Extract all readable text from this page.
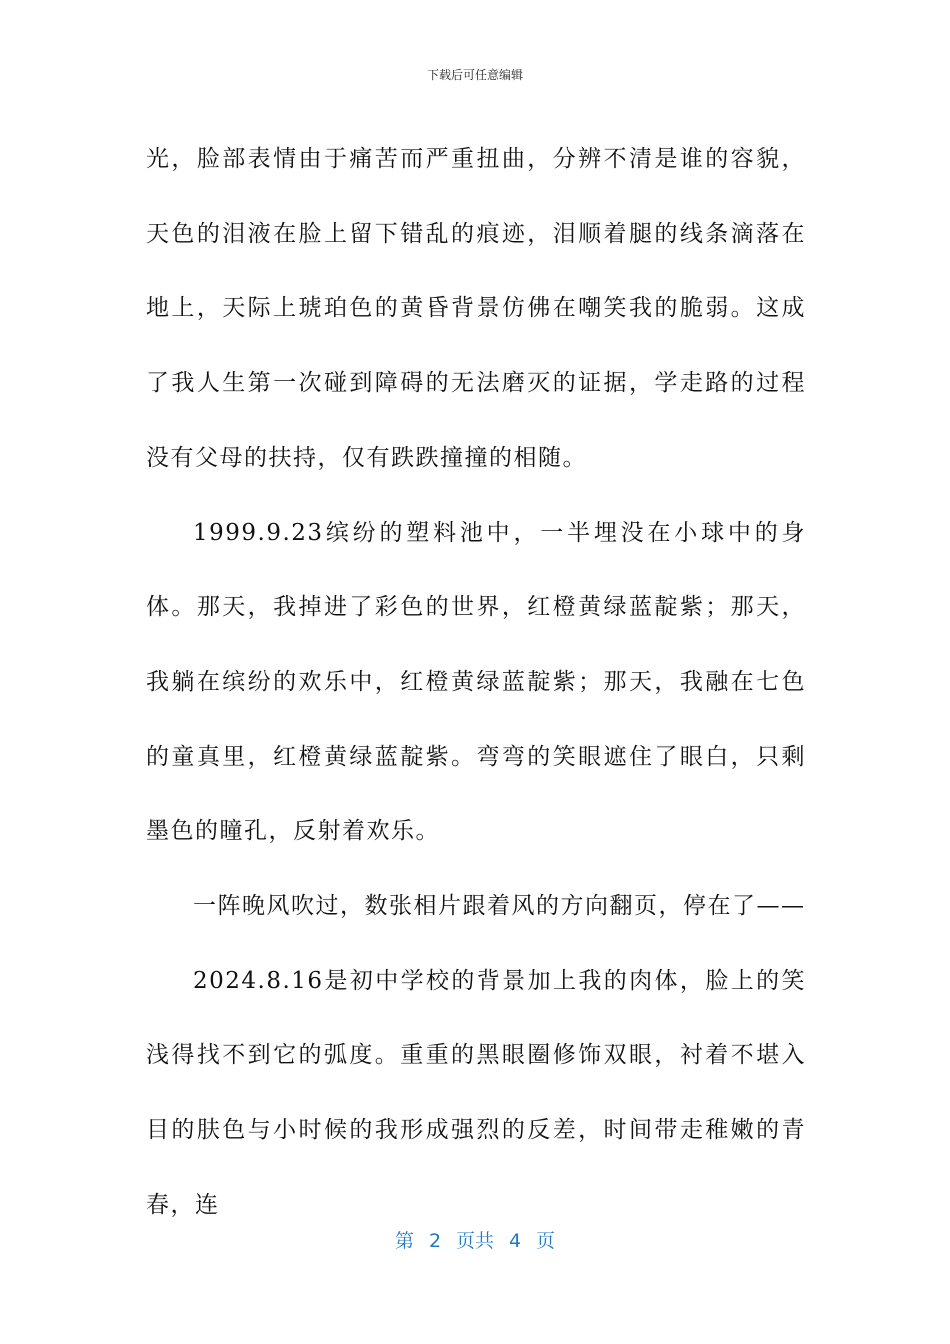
下载后可任意编辑

光，脸部表情由于痛苦而严重扭曲，分辨不清是谁的容貌，天色的泪液在脸上留下错乱的痕迹，泪顺着腿的线条滴落在地上，天际上琥珀色的黄昏背景仿佛在嘲笑我的脆弱。这成了我人生第一次碰到障碍的无法磨灭的证据，学走路的过程没有父母的扶持，仅有跌跌撞撞的相随。

1999.9.23缤纷的塑料池中，一半埋没在小球中的身体。那天，我掉进了彩色的世界，红橙黄绿蓝靛紫；那天，我躺在缤纷的欢乐中，红橙黄绿蓝靛紫；那天，我融在七色的童真里，红橙黄绿蓝靛紫。弯弯的笑眼遮住了眼白，只剩墨色的瞳孔，反射着欢乐。

一阵晚风吹过，数张相片跟着风的方向翻页，停在了——

2024.8.16是初中学校的背景加上我的肉体，脸上的笑浅得找不到它的弧度。重重的黑眼圈修饰双眼，衬着不堪入目的肤色与小时候的我形成强烈的反差，时间带走稚嫩的青春，连

第 2 页共 4 页
